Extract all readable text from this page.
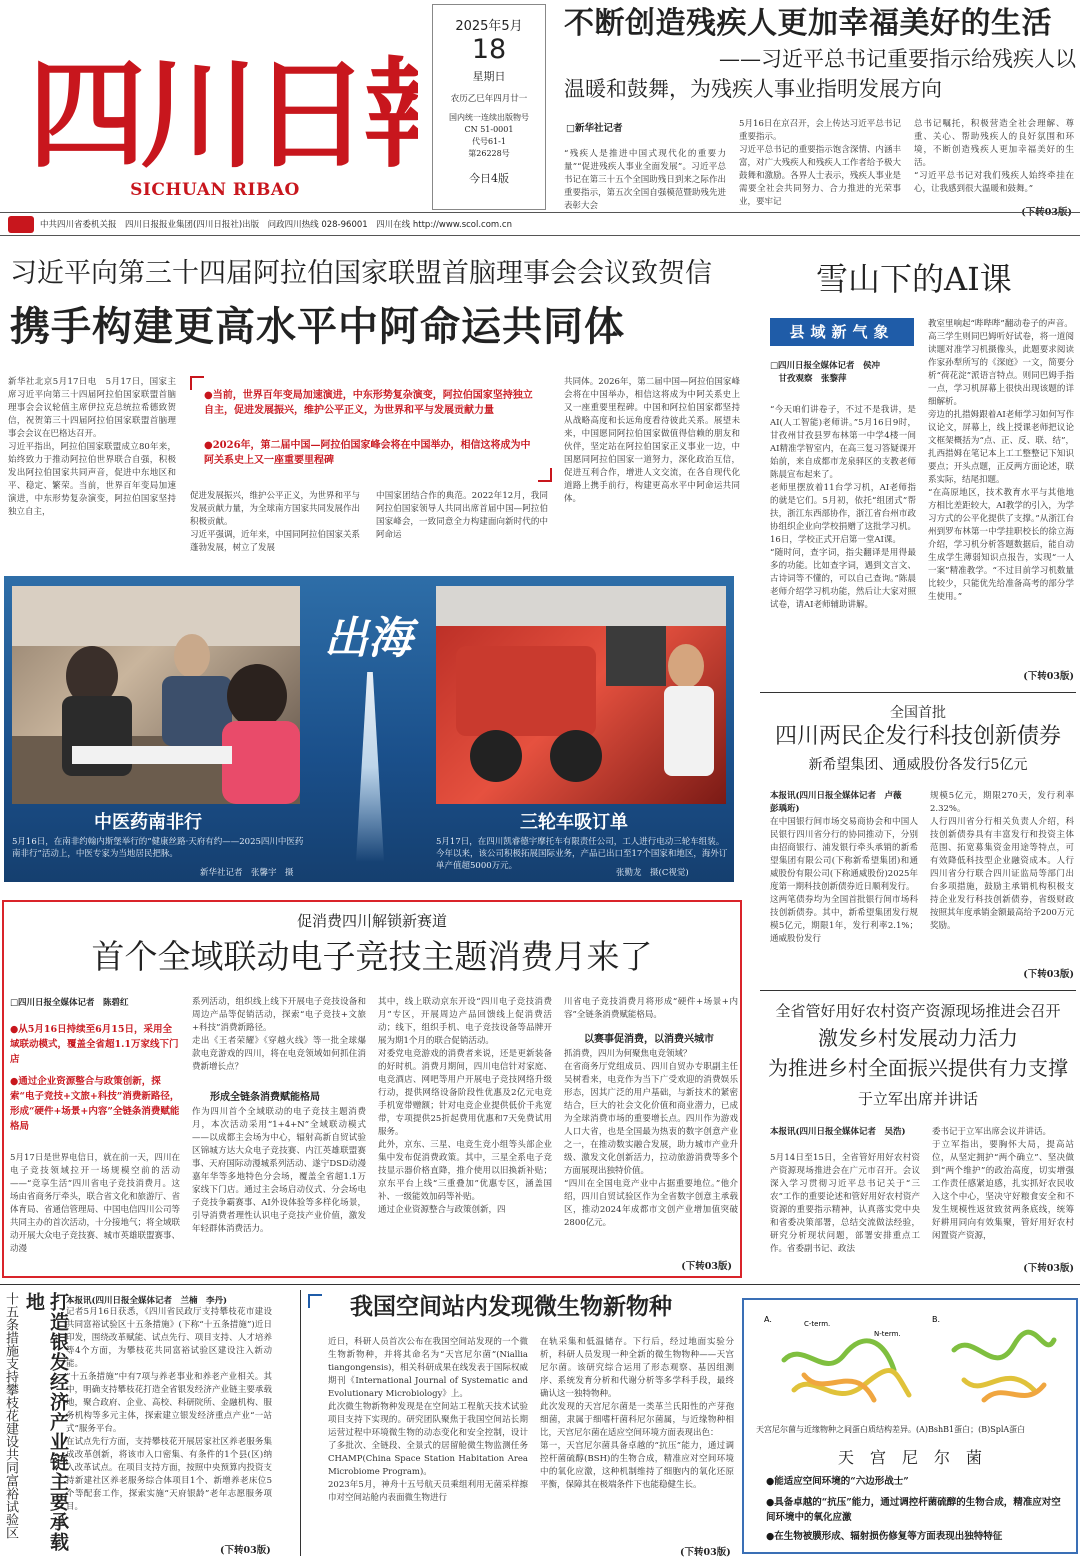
四川日
SICHUAN RIBAO
2025年5月
18
星期日
农历乙巳年四月廿一
国内统一连续出版物号
CN 51-0001
代号61-1
第26228号
今日4版
不断创造残疾人更加幸福美好的生活
——习近平总书记重要指示给残疾人以
温暖和鼓舞，为残疾人事业指明发展方向
□新华社记者
“残疾人是推进中国式现代化的重要力量”“促进残疾人事业全面发展”。习近平总书记在第三十五个全国助残日到来之际作出重要指示，第五次全国自强模范暨助残先进表彰大会
5月16日在京召开，会上传达习近平总书记重要指示。
习近平总书记的重要指示饱含深情、内涵丰富，对广大残疾人和残疾人工作者给予极大鼓舞和激励。各界人士表示，残疾人事业是需要全社会共同努力、合力推进的光荣事业，要牢记
总书记嘱托，积极营造全社会理解、尊重、关心、帮助残疾人的良好氛围和环境，不断创造残疾人更加幸福美好的生活。
“习近平总书记对我们残疾人始终牵挂在心，让我感到很大温暖和鼓舞。”
(下转03版)
中共四川省委机关报　四川日报报业集团(四川日报社)出版　问政四川热线 028-96001　四川在线 http://www.scol.com.cn
习近平向第三十四届阿拉伯国家联盟首脑理事会会议致贺信
携手构建更高水平中阿命运共同体
新华社北京5月17日电　5月17日，国家主席习近平向第三十四届阿拉伯国家联盟首脑理事会会议轮值主席伊拉克总统拉希德致贺信，祝贺第三十四届阿拉伯国家联盟首脑理事会会议在巴格达召开。
习近平指出，阿拉伯国家联盟成立80年来，始终致力于推动阿拉伯世界联合自强，积极发出阿拉伯国家共同声音，促进中东地区和平、稳定、繁荣。当前，世界百年变局加速演进，中东形势复杂演变，阿拉伯国家坚持独立自主，
●当前，世界百年变局加速演进，中东形势复杂演变，阿拉伯国家坚持独立自主，促进发展振兴，维护公平正义，为世界和平与发展贡献力量
●2026年，第二届中国—阿拉伯国家峰会将在中国举办，相信这将成为中阿关系史上又一座重要里程碑
促进发展振兴，维护公平正义，为世界和平与发展贡献力量，为全球南方国家共同发展作出积极贡献。
习近平强调，近年来，中国同阿拉伯国家关系蓬勃发展，树立了发展
中国家团结合作的典范。2022年12月，我同阿拉伯国家领导人共同出席首届中国—阿拉伯国家峰会，一致同意全力构建面向新时代的中阿命运
共同体。2026年，第二届中国—阿拉伯国家峰会将在中国举办，相信这将成为中阿关系史上又一座重要里程碑。中国和阿拉伯国家都坚持从战略高度和长远角度看待彼此关系。展望未来，中国愿同阿拉伯国家做值得信赖的朋友和伙伴，坚定站在阿拉伯国家正义事业一边，中国愿同阿拉伯国家一道努力，深化政治互信，促进互利合作，增进人文交流，在各自现代化道路上携手前行，构建更高水平中阿命运共同体。
出海
中医药南非行	三轮车吸订单
5月16日，在南非约翰内斯堡举行的“健康丝路·天府有约——2025四川中医药南非行”活动上，中医专家为当地居民把脉。
新华社记者　张馨宇　摄
5月17日，在四川凯睿德宇摩托车有限责任公司，工人进行电动三轮车组装。今年以来，该公司积极拓展国际业务，产品已出口至17个国家和地区，海外订单产值超5000万元。
张勤龙　摄(C视觉)
雪山下的AI课
县域新气象
□四川日报全媒体记者　侯冲
　甘孜观察　张黎萍
“今天咱们讲卷子，不过不是我讲，是AI(人工智能)老师讲。”5月16日9时，甘孜州甘孜县罗布林第一中学4楼一间AI精准学智室内，在高三复习答疑课开始前，来自成都市龙泉驿区的支教老师陈晨宣布起来了。
老师里摆放着11台学习机，AI老师指的就是它们。5月初，依托“组团式”帮扶，浙江东西部协作，浙江省台州市政协组织企业向学校捐赠了这批学习机。16日，学校正式开启第一堂AI课。
“随时问，查字词，指尖翻译是用得最多的功能。比如查字词，遇到文言文、古诗词等不懂的，可以自己查询。”陈晨老师介绍学习机功能，然后让大家对照试卷，请AI老师辅助讲解。
教室里响起“哔哔哔”翻动卷子的声音。
高三学生则同巴姆听好试卷，将一道阅读题对准学习机摄像头，此题要求阅读作家孙犁所写的《深庭》一文，简要分析“荷花淀”派语言特点。则同巴姆手指一点，学习机屏幕上很快出现该题的详细解析。
旁边的扎措姆跟着AI老师学习如何写作议论文，屏幕上，线上授课老师把议论文框架概括为“点、正、反、联、结”，扎西措姆在笔记本上工工整整记下知识要点；开头点题，正反两方面论述，联系实际，结尾扣题。
“在高原地区，技术教育水平与其他地方相比差距较大，AI教学的引入，为学习方式的公平化提供了支撑。”从浙江台州到罗布林第一中学挂职校长的徐立海介绍，学习机分析答题数据后，能自动生成学生薄弱知识点报告，实现“一人一案”精准教学。“不过目前学习机数量比较少，只能优先给准备高考的部分学生使用。”
(下转03版)
全国首批
四川两民企发行科技创新债券
新希望集团、通威股份各发行5亿元
本报讯(四川日报全媒体记者　卢薇　彭瑀珩)
在中国银行间市场交易商协会和中国人民银行四川省分行的协同推动下，分别由招商银行、浦发银行牵头承销的新希望集团有限公司(下称新希望集团)和通威股份有限公司(下称通威股份)2025年度第一期科技创新债券近日顺利发行。
这两笔债券均为全国首批银行间市场科技创新债券。其中，新希望集团发行规模5亿元，期限1年，发行利率2.1%；通威股份发行
规模5亿元，期限270天，发行利率2.32%。
人行四川省分行相关负责人介绍，科技创新债券具有丰富发行和投资主体范围、拓宽募集资金用途等特点，可有效降低科技型企业融资成本。人行四川省分行联合四川证监局等部门出台多项措施，鼓励主承销机构积极支持企业发行科技创新债券，省级财政按照其年度承销金额最高给予200万元奖励。
(下转03版)
促消费四川解锁新赛道
首个全域联动电子竞技主题消费月来了
□四川日报全媒体记者　陈碧红
●从5月16日持续至6月15日，采用全域联动模式，覆盖全省超1.1万家线下门店
●通过企业资源整合与政策创新，探索“电子竞技+文旅+科技”消费新路径，形成“硬件+场景+内容”全链条消费赋能格局
5月17日是世界电信日，就在前一天，四川在电子竞技领域拉开一场规模空前的活动——“竞享生活”四川省电子竞技消费月。这场由省商务厅牵头，联合省文化和旅游厅、省体育局、省通信管理局、中国电信四川公司等共同主办的首次活动，十分接地气；将全域联动开展大众电子竞技赛、城市英雄联盟赛事、动漫
系列活动，组织线上线下开展电子竞技设备和周边产品等促销活动，探索“电子竞技+文旅+科技”消费新路径。
走出《王者荣耀》《穿越火线》等一批全球爆款电竞游戏的四川，将在电竞领域如何抓住消费新增长点？
形成全链条消费赋能格局
作为四川首个全域联动的电子竞技主题消费月，本次活动采用“1+4+N”全域联动模式——以成都主会场为中心，辐射高新自贸试验区锦城方达大众电子竞技赛、内江英雄联盟赛事、天府国际动漫城系列活动、遂宁DSD动漫嘉年华等多地特色分会场，覆盖全省超1.1万家线下门店。通过主会场启动仪式、分会场电子竞技争霸赛事、AI外设体验等多样化场景，引导消费者理性认识电子竞技产业价值，激发年轻群体消费活力。
其中，线上联动京东开设“四川电子竞技消费月”专区，开展周边产品回馈线上促消费活动；线下，组织手机、电子竞技设备等品牌开展为期1个月的联合促销活动。
对委党电竞游戏的消费者来说，还是更新装备的好时机。消费月期间，四川电信针对家庭、电竞酒店、网吧等用户开展电子竞技网络升级行动，提供网络设备阶段性优惠及2亿元电竞手机宽带赠额；针对电竞企业提供低价千兆宽带，专项提供25折起费用优惠和7天免费试用服务。
此外，京东、三星、电竞生竞小组等头部企业集中发布促消费政策。其中，三星全系电子竞技显示器价格直降，推介使用以旧换新补贴；京东平台上线“三重叠加”优惠专区，涵盖国补、一级能效加码等补贴。
通过企业资源整合与政策创新，四
川省电子竞技消费月将形成“硬件+场景+内容”全链条消费赋能格局。
以赛事促消费，以消费兴城市
抓消费，四川为何聚焦电竞领域？
在省商务厅党组成员、四川自贸办专职副主任吴树看来，电竞作为当下广受欢迎的消费娱乐形态，因其广泛的用户基础，与新技术的紧密结合，巨大的社会文化价值和商业潜力，已成为全球消费市场的重要增长点。四川作为游戏人口大省，也是全国最为热衷的数字创意产业之一，在推动数实融合发展，助力城市产业升级、激发文化创新活力，拉动旅游消费等多个方面展现出独特价值。
“四川在全国电竞产业中占据重要地位。”他介绍，四川自贸试验区作为全省数字创意主承载区，推动2024年成都市文创产业增加值突破2800亿元。
(下转03版)
全省管好用好农村资产资源现场推进会召开
激发乡村发展动力活力
为推进乡村全面振兴提供有力支撑
于立军出席并讲话
本报讯(四川日报全媒体记者　吴浩)
5月14日至15日，全省管好用好农村资产资源现场推进会在广元市召开。会议深入学习贯彻习近平总书记关于“三农”工作的重要论述和管好用好农村资产资源的重要指示精神，认真落实党中央和省委决策部署，总结交流做法经验，研究分析现状问题，部署安排重点工作。省委副书记、政法
委书记于立军出席会议并讲话。
于立军指出，要胸怀大局，提高站位，从坚定拥护“两个确立”、坚决做到“两个维护”的政治高度，切实增强工作责任感紧迫感，扎实抓好农民收入这个中心，坚决守好粮食安全和不发生规模性返贫致贫两条底线，统筹好耕用同向有效集聚，管好用好农村闲置资产资源，
(下转03版)
十五条措施支持攀枝花建设共同富裕试验区	打造银发经济产业链主要承载地	本报讯(四川日报全媒体记者　兰楠　李丹)
记者5月16日获悉，《四川省民政厅支持攀枝花市建设共同富裕试验区十五条措施》(下称“十五条措施”)近日印发，围绕改革赋能、试点先行、项目支持、人才培养等4个方面，为攀枝花共同富裕试验区建设注入新动能。
“十五条措施”中有7项与养老事业和养老产业相关。其中，明确支持攀枝花打造全省银发经济产业链主要承载地，聚合政府、企业、高校、科研院所、金融机构、服务机构等多元主体，探索建立银发经济重点产业“一站式”服务平台。
在试点先行方面，支持攀枝花开展居家社区养老服务集成改革创新，将该市入口密集、有条件的1个县(区)纳入改革试点。在项目支持方面，按照中央预算内投资支持新建社区养老服务综合体项目1个、新增养老床位5个等配套工作，探索实施“天府银龄”老年志愿服务项目。
(下转03版)
我国空间站内发现微生物新物种
近日，科研人员首次公布在我国空间站发现的一个微生物新物种，并将其命名为“天宫尼尔菌”(Niallia tiangongensis)，相关科研成果在线发表于国际权威期刊《International Journal of Systematic and Evolutionary Microbiology》上。
此次微生物新物种发现是在空间站工程航天技术试验项目支持下实现的。研究团队聚焦于我国空间站长期运营过程中环境微生物的动态变化和安全控制，设计了多批次、全链段、全景式的居留舱微生物监测任务CHAMP(China Space Station Habitation Area Microbiome Program)。
2023年5月，神舟十五号航天员乘组利用无菌采样擦巾对空间站舱内表面微生物进行
在轨采集和低温储存。下行后，经过地面实验分析，科研人员发现一种全新的微生物物种——天宫尼尔菌。该研究综合运用了形态观察、基因组测序、系统发育分析和代谢分析等多学科手段，最终确认这一独特物种。
此次发现的天宫尼尔菌是一类革兰氏阳性的产芽孢细菌，隶属于细嗜杆菌科尼尔菌属，与近缘物种相比，天宫尼尔菌在适应空间环境方面表现出色：
第一，天宫尼尔菌具备卓越的“抗压”能力，通过调控杆菌硫醇(BSH)的生物合成，精准应对空间环境中的氧化应激，这种机制维持了细胞内的氧化还原平衡，保障其在极端条件下也能稳健生长。
(下转03版)
A.	C-term.
N-term.
B.
天宫尼尔菌与近缘物种之间蛋白质结构差异。(A)BshB1蛋白；(B)SplA蛋白
天　宫　尼　尔　菌
●能适应空间环境的“六边形战士”
●具备卓越的“抗压”能力，通过调控杆菌硫醇的生物合成，精准应对空间环境中的氧化应激
●在生物被膜形成、辐射损伤修复等方面表现出独特特征
